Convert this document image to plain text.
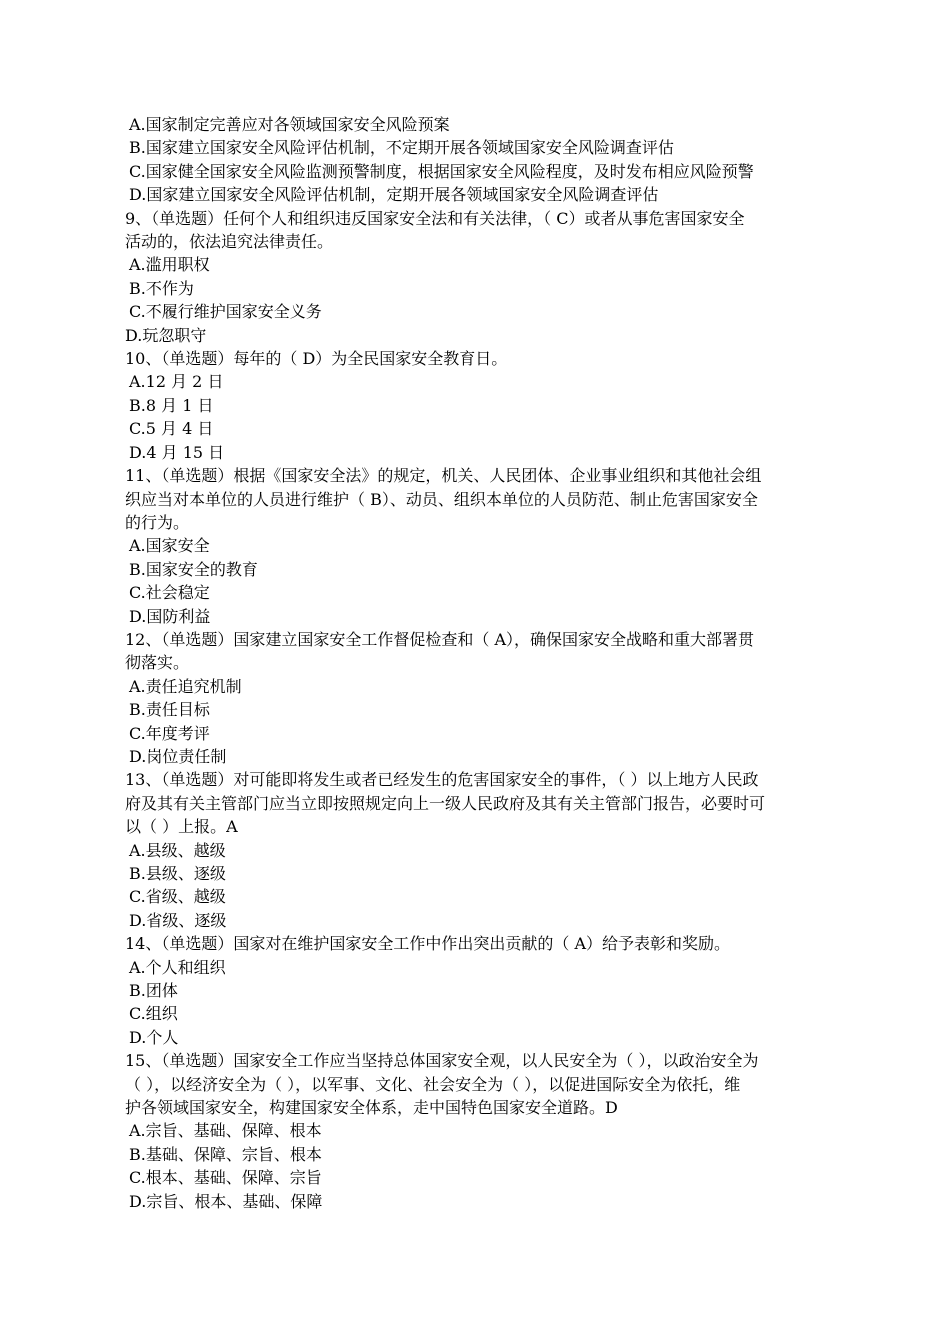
A.国家制定完善应对各领域国家安全风险预案

B.国家建立国家安全风险评估机制，不定期开展各领域国家安全风险调查评估

C.国家健全国家安全风险监测预警制度，根据国家安全风险程度，及时发布相应风险预警

D.国家建立国家安全风险评估机制，定期开展各领域国家安全风险调查评估

9、（单选题）任何个人和组织违反国家安全法和有关法律，（ C）或者从事危害国家安全

活动的，依法追究法律责任。

A.滥用职权

B.不作为

C.不履行维护国家安全义务

D.玩忽职守

10、（单选题）每年的（ D）为全民国家安全教育日。

A.12 月 2 日

B.8 月 1 日

C.5 月 4 日

D.4 月 15 日

11、（单选题）根据《国家安全法》的规定，机关、人民团体、企业事业组织和其他社会组

织应当对本单位的人员进行维护（ B）、动员、组织本单位的人员防范、制止危害国家安全

的行为。

A.国家安全

B.国家安全的教育

C.社会稳定

D.国防利益

12、（单选题）国家建立国家安全工作督促检查和（ A），确保国家安全战略和重大部署贯

彻落实。

A.责任追究机制

B.责任目标

C.年度考评

D.岗位责任制

13、（单选题）对可能即将发生或者已经发生的危害国家安全的事件，（ ）以上地方人民政

府及其有关主管部门应当立即按照规定向上一级人民政府及其有关主管部门报告，必要时可

以（ ）上报。A

A.县级、越级

B.县级、逐级

C.省级、越级

D.省级、逐级

14、（单选题）国家对在维护国家安全工作中作出突出贡献的（ A）给予表彰和奖励。

A.个人和组织

B.团体

C.组织

D.个人

15、（单选题）国家安全工作应当坚持总体国家安全观，以人民安全为（ ），以政治安全为

（ ），以经济安全为（ ），以军事、文化、社会安全为（ ），以促进国际安全为依托，维

护各领域国家安全，构建国家安全体系，走中国特色国家安全道路。D

A.宗旨、基础、保障、根本

B.基础、保障、宗旨、根本

C.根本、基础、保障、宗旨

D.宗旨、根本、基础、保障
